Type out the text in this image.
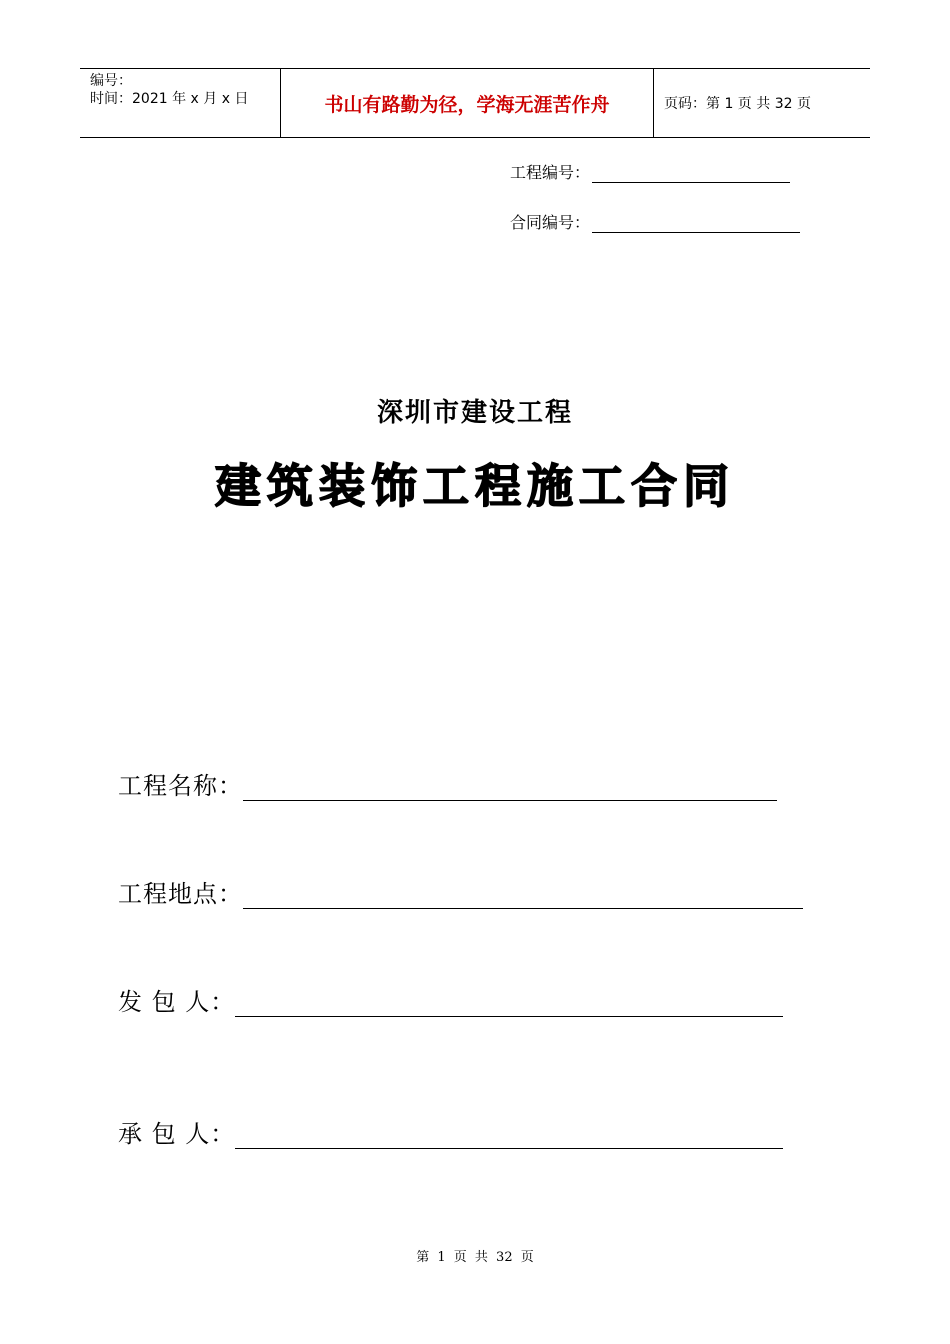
编号：
时间：2021 年 x 月 x 日	书山有路勤为径，学海无涯苦作舟	页码：第 1 页 共 32 页
工程编号：
合同编号：
深圳市建设工程
建筑装饰工程施工合同
工程名称：
工程地点：
发 包 人：
承 包 人：
第 1 页 共 32 页
